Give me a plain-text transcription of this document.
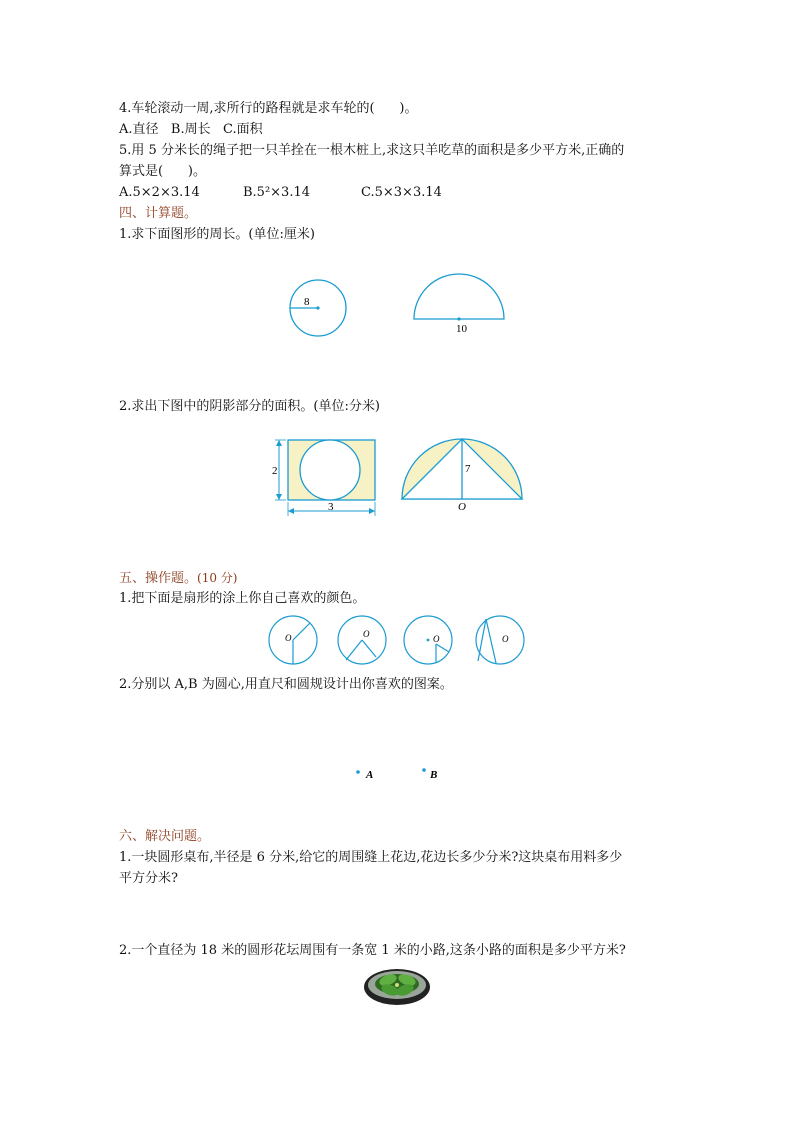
4.车轮滚动一周,求所行的路程就是求车轮的(      )。
A.直径   B.周长   C.面积
5.用 5 分米长的绳子把一只羊拴在一根木桩上,求这只羊吃草的面积是多少平方米,正确的
算式是(      )。
A.5×2×3.14	B.5²×3.14	C.5×3×3.14
四、计算题。
1.求下面图形的周长。(单位:厘米)
8
10
2.求出下图中的阴影部分的面积。(单位:分米)
2
3
7
O
五、操作题。(10 分)
1.把下面是扇形的涂上你自己喜欢的颜色。
O	O	O	O
2.分别以 A,B 为圆心,用直尺和圆规设计出你喜欢的图案。
A	B
六、解决问题。
1.一块圆形桌布,半径是 6 分米,给它的周围缝上花边,花边长多少分米?这块桌布用料多少
平方分米?
2.一个直径为 18 米的圆形花坛周围有一条宽 1 米的小路,这条小路的面积是多少平方米?
